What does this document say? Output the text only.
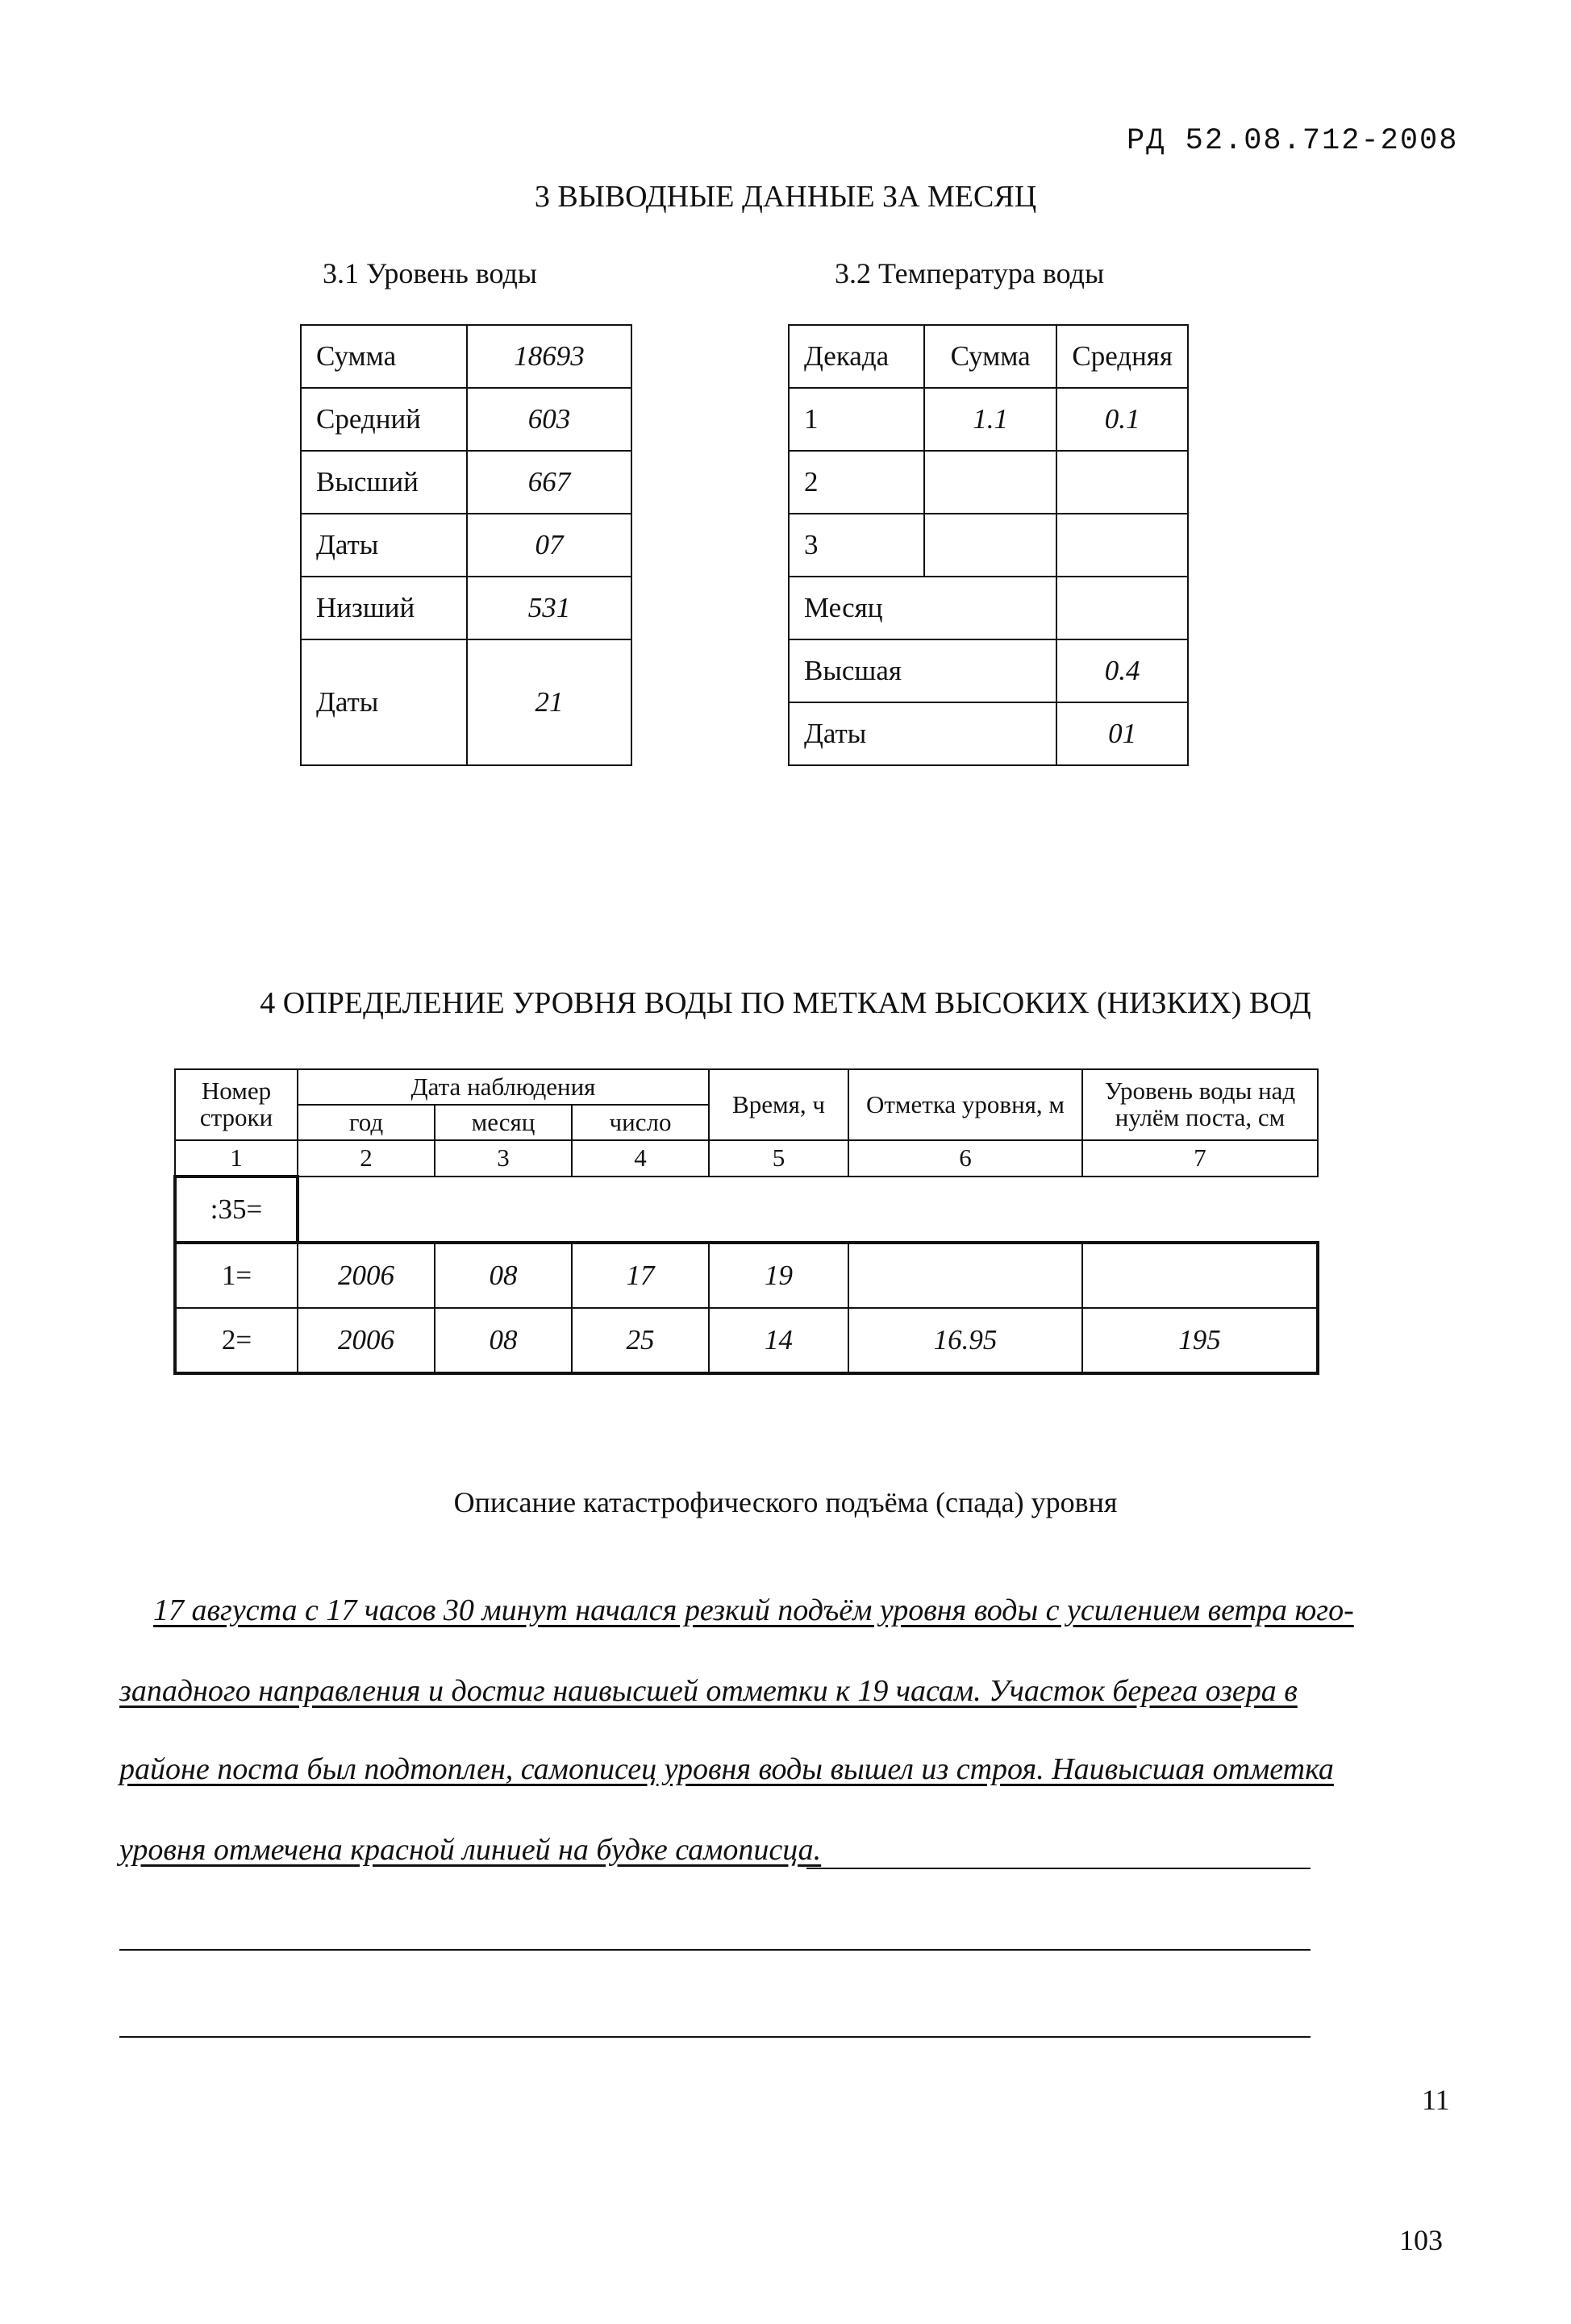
РД 52.08.712-2008
3 ВЫВОДНЫЕ ДАННЫЕ ЗА МЕСЯЦ
3.1 Уровень воды	3.2 Температура воды
Сумма	18693
Средний	603
Высший	667
Даты	07
Низший	531
Даты	21
Декада	Сумма	Средняя
1	1.1	0.1
2		
3		
Месяц		
Высшая		0.4
Даты		01
4 ОПРЕДЕЛЕНИЕ УРОВНЯ ВОДЫ ПО МЕТКАМ ВЫСОКИХ (НИЗКИХ) ВОД
Номер
строки	Дата наблюдения			Время, ч	Отметка уровня, м	Уровень воды над
нулём поста, см
	год	месяц	число			
1	2	3	4	5	6	7
:35=						
1=	2006	08	17	19		
2=	2006	08	25	14	16.95	195
Описание катастрофического подъёма (спада) уровня
17 августа с 17 часов 30 минут начался резкий подъём уровня воды с усилением ветра юго-
западного направления и достиг наивысшей отметки к 19 часам. Участок берега озера в
районе поста был подтоплен, самописец уровня воды вышел из строя. Наивысшая отметка
уровня отмечена красной линией на будке самописца.
11
103
